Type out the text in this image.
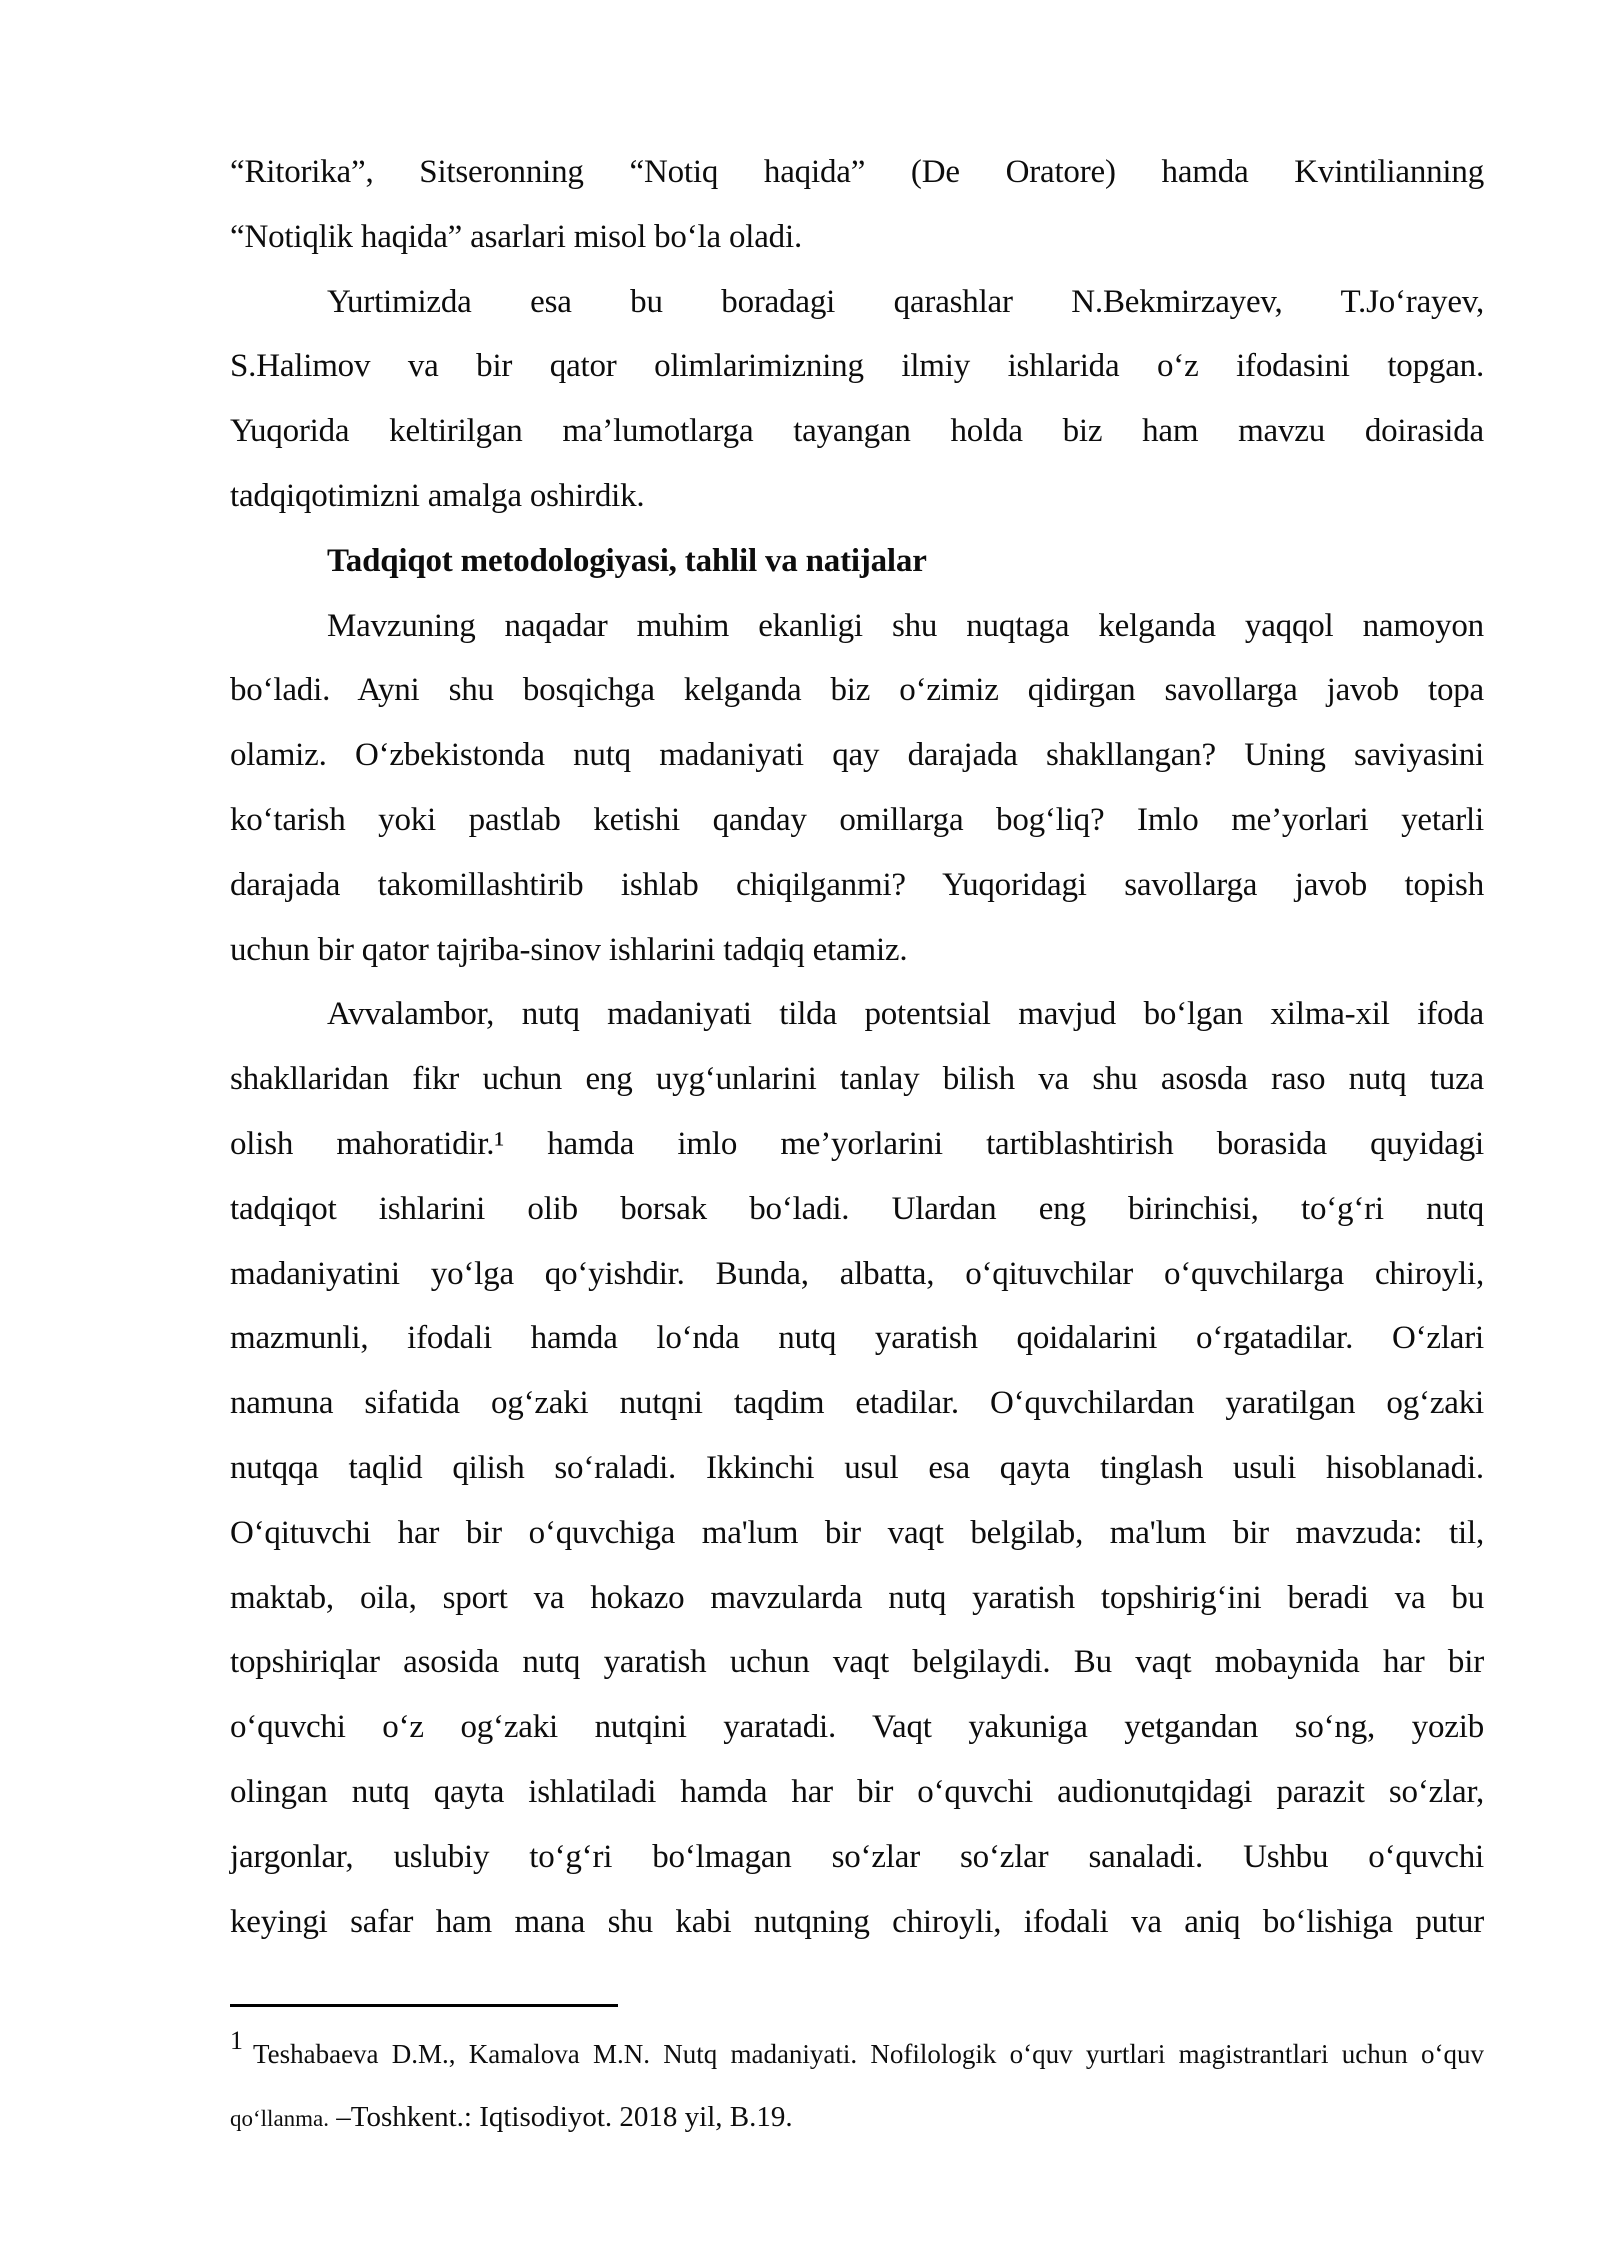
“Ritorika”, Sitseronning “Notiq haqida” (De Oratore) hamda Kvintilianning
“Notiqlik haqida” asarlari misol boʻla oladi.
Yurtimizda esa bu boradagi qarashlar N.Bekmirzayev, T.Joʻrayev,
S.Halimov va bir qator olimlarimizning ilmiy ishlarida oʻz ifodasini topgan.
Yuqorida keltirilgan ma’lumotlarga tayangan holda biz ham mavzu doirasida
tadqiqotimizni amalga oshirdik.
Tadqiqot metodologiyasi, tahlil va natijalar
Mavzuning naqadar muhim ekanligi shu nuqtaga kelganda yaqqol namoyon
boʻladi. Ayni shu bosqichga kelganda biz oʻzimiz qidirgan savollarga javob topa
olamiz. Oʻzbekistonda nutq madaniyati qay darajada shakllangan? Uning saviyasini
koʻtarish yoki pastlab ketishi qanday omillarga bogʻliq? Imlo me’yorlari yetarli
darajada takomillashtirib ishlab chiqilganmi? Yuqoridagi savollarga javob topish
uchun bir qator tajriba-sinov ishlarini tadqiq etamiz.
Avvalambor, nutq madaniyati tilda potentsial mavjud boʻlgan xilma-xil ifoda
shakllaridan fikr uchun eng uygʻunlarini tanlay bilish va shu asosda raso nutq tuza
olish mahoratidir.¹ hamda imlo me’yorlarini tartiblashtirish borasida quyidagi
tadqiqot ishlarini olib borsak boʻladi. Ulardan eng birinchisi, toʻgʻri nutq
madaniyatini yoʻlga qoʻyishdir. Bunda, albatta, oʻqituvchilar oʻquvchilarga chiroyli,
mazmunli, ifodali hamda loʻnda nutq yaratish qoidalarini oʻrgatadilar. Oʻzlari
namuna sifatida ogʻzaki nutqni taqdim etadilar. Oʻquvchilardan yaratilgan ogʻzaki
nutqqa taqlid qilish soʻraladi. Ikkinchi usul esa qayta tinglash usuli hisoblanadi.
Oʻqituvchi har bir oʻquvchiga ma'lum bir vaqt belgilab, ma'lum bir mavzuda: til,
maktab, oila, sport va hokazo mavzularda nutq yaratish topshirigʻini beradi va bu
topshiriqlar asosida nutq yaratish uchun vaqt belgilaydi. Bu vaqt mobaynida har bir
oʻquvchi oʻz ogʻzaki nutqini yaratadi. Vaqt yakuniga yetgandan soʻng, yozib
olingan nutq qayta ishlatiladi hamda har bir oʻquvchi audionutqidagi parazit soʻzlar,
jargonlar, uslubiy toʻgʻri boʻlmagan soʻzlar soʻzlar sanaladi. Ushbu oʻquvchi
keyingi safar ham mana shu kabi nutqning chiroyli, ifodali va aniq boʻlishiga putur
$^1$ Teshabaeva D.M., Kamalova M.N. Nutq madaniyati. Nofilologik oʻquv yurtlari magistrantlari uchun oʻquv
qoʻllanma. –Toshkent.: Iqtisodiyot. 2018 yil, B.19.
